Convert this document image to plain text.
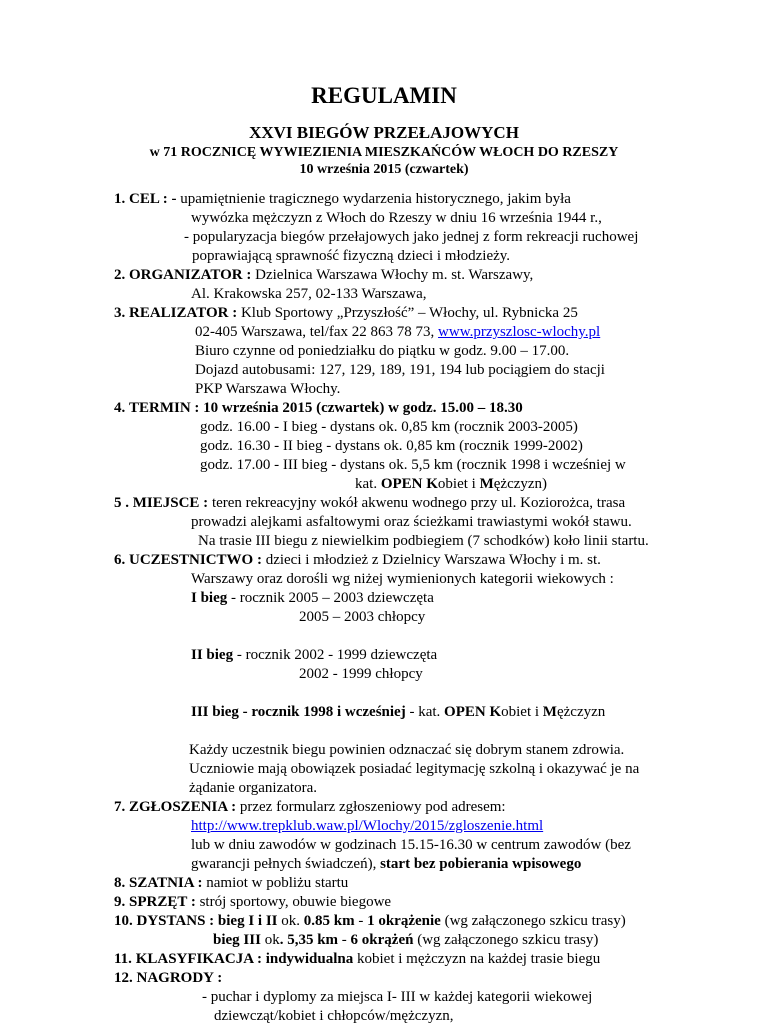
REGULAMIN
XXVI BIEGÓW PRZEŁAJOWYCH
w 71 ROCZNICĘ WYWIEZIENIA MIESZKAŃCÓW WŁOCH DO RZESZY
10 września 2015 (czwartek)
1. CEL : - upamiętnienie tragicznego wydarzenia historycznego, jakim była
wywózka mężczyzn z Włoch do Rzeszy w dniu 16 września 1944 r.,
- popularyzacja biegów przełajowych jako jednej z form rekreacji ruchowej
poprawiającą sprawność fizyczną dzieci i młodzieży.
2. ORGANIZATOR : Dzielnica Warszawa Włochy m. st. Warszawy,
Al. Krakowska 257, 02-133 Warszawa,
3. REALIZATOR : Klub Sportowy „Przyszłość” – Włochy, ul. Rybnicka 25
02-405 Warszawa, tel/fax 22 863 78 73, www.przyszlosc-wlochy.pl
Biuro czynne od poniedziałku do piątku w godz. 9.00 – 17.00.
Dojazd autobusami: 127, 129, 189, 191, 194 lub pociągiem do stacji
PKP Warszawa Włochy.
4. TERMIN : 10 września 2015 (czwartek) w godz. 15.00 – 18.30
godz. 16.00 - I bieg - dystans ok. 0,85 km (rocznik 2003-2005)
godz. 16.30 - II bieg - dystans ok. 0,85 km (rocznik 1999-2002)
godz. 17.00 - III bieg - dystans ok. 5,5 km (rocznik 1998 i wcześniej w
kat. OPEN Kobiet i Mężczyzn)
5 . MIEJSCE : teren rekreacyjny wokół akwenu wodnego przy ul. Koziorożca, trasa
prowadzi alejkami asfaltowymi oraz ścieżkami trawiastymi wokół stawu.
Na trasie III biegu z niewielkim podbiegiem (7 schodków) koło linii startu.
6. UCZESTNICTWO : dzieci i młodzież z Dzielnicy Warszawa Włochy i m. st.
Warszawy oraz dorośli wg niżej wymienionych kategorii wiekowych :
I bieg - rocznik 2005 – 2003 dziewczęta
2005 – 2003 chłopcy
II bieg - rocznik 2002 - 1999 dziewczęta
2002 - 1999 chłopcy
III bieg - rocznik 1998 i wcześniej - kat. OPEN Kobiet i Mężczyzn
Każdy uczestnik biegu powinien odznaczać się dobrym stanem zdrowia.
Uczniowie mają obowiązek posiadać legitymację szkolną i okazywać je na
żądanie organizatora.
7. ZGŁOSZENIA : przez formularz zgłoszeniowy pod adresem:
http://www.trepklub.waw.pl/Wlochy/2015/zgloszenie.html
lub w dniu zawodów w godzinach 15.15-16.30 w centrum zawodów (bez
gwarancji pełnych świadczeń), start bez pobierania wpisowego
8. SZATNIA : namiot w pobliżu startu
9. SPRZĘT : strój sportowy, obuwie biegowe
10. DYSTANS : bieg I i II ok. 0.85 km - 1 okrążenie (wg załączonego szkicu trasy)
bieg III ok. 5,35 km - 6 okrążeń (wg załączonego szkicu trasy)
11. KLASYFIKACJA : indywidualna kobiet i mężczyzn na każdej trasie biegu
12. NAGRODY :
- puchar i dyplomy za miejsca I- III w każdej kategorii wiekowej
dziewcząt/kobiet i chłopców/mężczyzn,
